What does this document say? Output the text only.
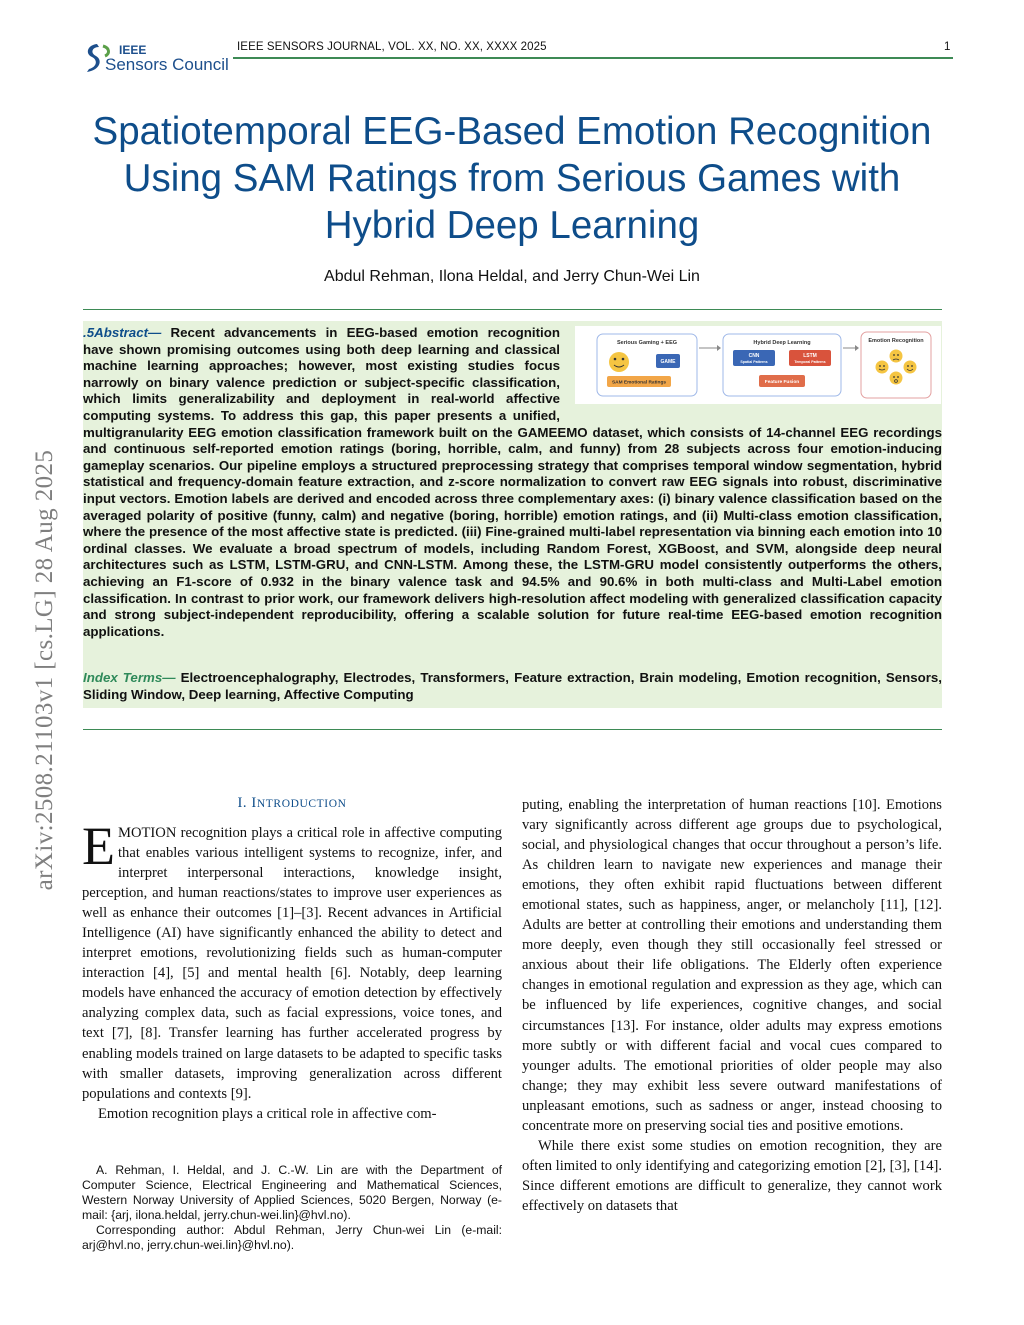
IEEE
Sensors Council
IEEE SENSORS JOURNAL, VOL. XX, NO. XX, XXXX 2025	1
arXiv:2508.21103v1 [cs.LG] 28 Aug 2025
Spatiotemporal EEG-Based Emotion Recognition Using SAM Ratings from Serious Games with Hybrid Deep Learning
Abdul Rehman, Ilona Heldal, and Jerry Chun-Wei Lin
Serious Gaming + EEG
GAME
SAM Emotional Ratings
Hybrid Deep Learning
CNN
Spatial Patterns
LSTM
Temporal Patterns
Feature Fusion
Emotion Recognition
.5Abstract— Recent advancements in EEG-based emotion recognition have shown promising outcomes using both deep learning and classical machine learning approaches; however, most existing studies focus narrowly on binary valence prediction or subject-specific classification, which limits generalizability and deployment in real-world affective computing systems. To address this gap, this paper presents a unified, multigranularity EEG emotion classification framework built on the GAMEEMO dataset, which consists of 14-channel EEG recordings and continuous self-reported emotion ratings (boring, horrible, calm, and funny) from 28 subjects across four emotion-inducing gameplay scenarios. Our pipeline employs a structured preprocessing strategy that comprises temporal window segmentation, hybrid statistical and frequency-domain feature extraction, and z-score normalization to convert raw EEG signals into robust, discriminative input vectors. Emotion labels are derived and encoded across three complementary axes: (i) binary valence classification based on the averaged polarity of positive (funny, calm) and negative (boring, horrible) emotion ratings, and (ii) Multi-class emotion classification, where the presence of the most affective state is predicted. (iii) Fine-grained multi-label representation via binning each emotion into 10 ordinal classes. We evaluate a broad spectrum of models, including Random Forest, XGBoost, and SVM, alongside deep neural architectures such as LSTM, LSTM-GRU, and CNN-LSTM. Among these, the LSTM-GRU model consistently outperforms the others, achieving an F1-score of 0.932 in the binary valence task and 94.5% and 90.6% in both multi-class and Multi-Label emotion classification. In contrast to prior work, our framework delivers high-resolution affect modeling with generalized classification capacity and strong subject-independent reproducibility, offering a scalable solution for future real-time EEG-based emotion recognition applications.
Index Terms— Electroencephalography, Electrodes, Transformers, Feature extraction, Brain modeling, Emotion recognition, Sensors, Sliding Window, Deep learning, Affective Computing
I. INTRODUCTION
EMOTION recognition plays a critical role in affective computing that enables various intelligent systems to recognize, infer, and interpret interpersonal interactions, knowledge insight, perception, and human reactions/states to improve user experiences as well as enhance their outcomes [1]–[3]. Recent advances in Artificial Intelligence (AI) have significantly enhanced the ability to detect and interpret emotions, revolutionizing fields such as human-computer interaction [4], [5] and mental health [6]. Notably, deep learning models have enhanced the accuracy of emotion detection by effectively analyzing complex data, such as facial expressions, voice tones, and text [7], [8]. Transfer learning has further accelerated progress by enabling models trained on large datasets to be adapted to specific tasks with smaller datasets, improving generalization across different populations and contexts [9].
Emotion recognition plays a critical role in affective com-

A. Rehman, I. Heldal, and J. C.-W. Lin are with the Department of Computer Science, Electrical Engineering and Mathematical Sciences, Western Norway University of Applied Sciences, 5020 Bergen, Norway (e-mail: {arj, ilona.heldal, jerry.chun-wei.lin}@hvl.no).

Corresponding author: Abdul Rehman, Jerry Chun-wei Lin (e-mail: arj@hvl.no, jerry.chun-wei.lin}@hvl.no).

puting, enabling the interpretation of human reactions [10]. Emotions vary significantly across different age groups due to psychological, social, and physiological changes that occur throughout a person’s life. As children learn to navigate new experiences and manage their emotions, they often exhibit rapid fluctuations between different emotional states, such as happiness, anger, or melancholy [11], [12]. Adults are better at controlling their emotions and understanding them more deeply, even though they still occasionally feel stressed or anxious about their life obligations. The Elderly often experience changes in emotional regulation and expression as they age, which can be influenced by life experiences, cognitive changes, and social circumstances [13]. For instance, older adults may express emotions more subtly or with different facial and vocal cues compared to younger adults. The emotional priorities of older people may also change; they may exhibit less severe outward manifestations of unpleasant emotions, such as sadness or anger, instead choosing to concentrate more on preserving social ties and positive emotions.
While there exist some studies on emotion recognition, they are often limited to only identifying and categorizing emotion [2], [3], [14]. Since different emotions are difficult to generalize, they cannot work effectively on datasets that
